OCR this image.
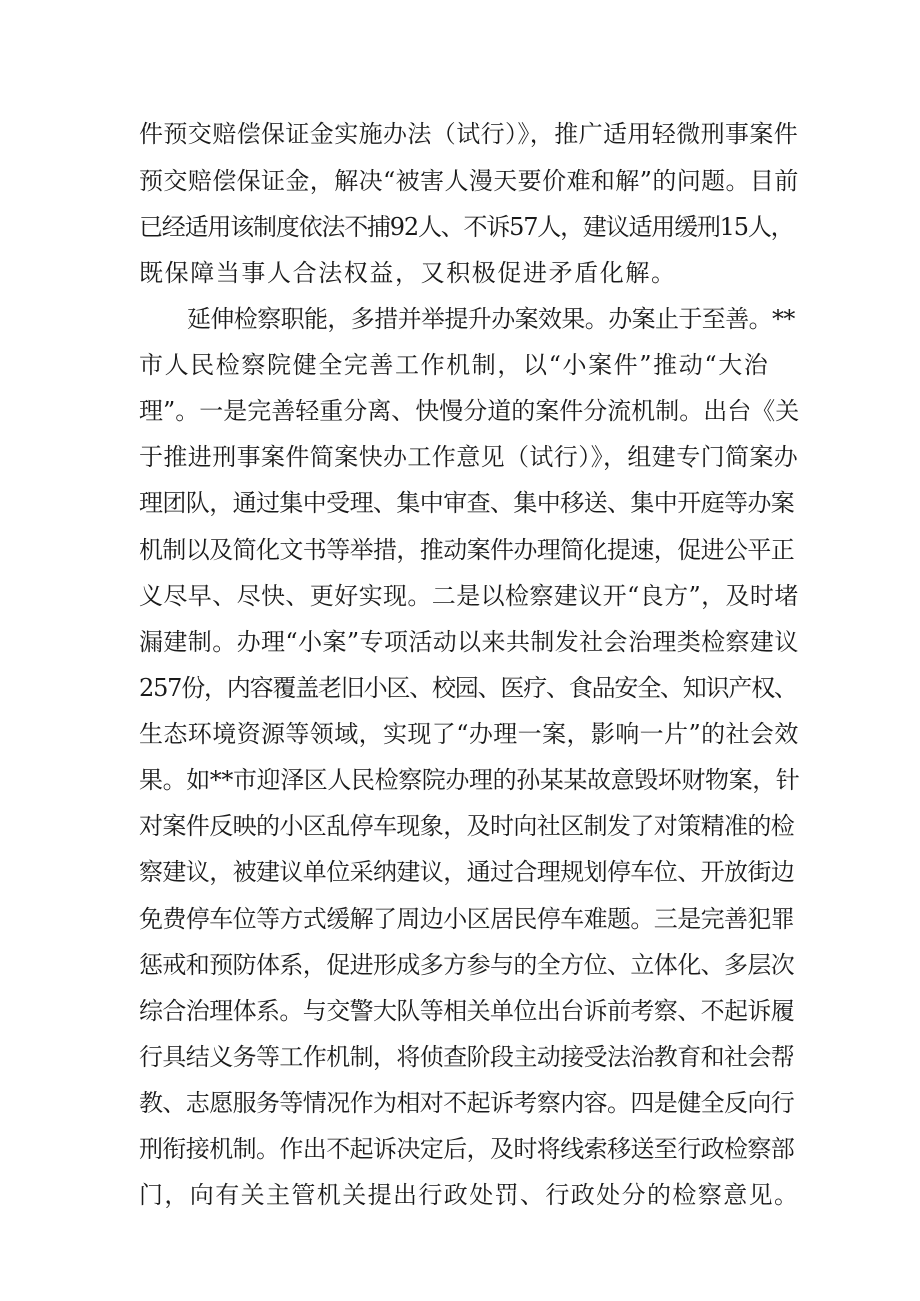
件预交赔偿保证金实施办法（试行）》，推广适用轻微刑事案件

预交赔偿保证金，解决“被害人漫天要价难和解”的问题。目前

已经适用该制度依法不捕92人、不诉57人，建议适用缓刑15人，

既保障当事人合法权益，又积极促进矛盾化解。

延伸检察职能，多措并举提升办案效果。办案止于至善。**

市人民检察院健全完善工作机制，以“小案件”推动“大治

理”。一是完善轻重分离、快慢分道的案件分流机制。出台《关

于推进刑事案件简案快办工作意见（试行）》，组建专门简案办

理团队，通过集中受理、集中审查、集中移送、集中开庭等办案

机制以及简化文书等举措，推动案件办理简化提速，促进公平正

义尽早、尽快、更好实现。二是以检察建议开“良方”，及时堵

漏建制。办理“小案”专项活动以来共制发社会治理类检察建议

257份，内容覆盖老旧小区、校园、医疗、食品安全、知识产权、

生态环境资源等领域，实现了“办理一案，影响一片”的社会效

果。如**市迎泽区人民检察院办理的孙某某故意毁坏财物案，针

对案件反映的小区乱停车现象，及时向社区制发了对策精准的检

察建议，被建议单位采纳建议，通过合理规划停车位、开放街边

免费停车位等方式缓解了周边小区居民停车难题。三是完善犯罪

惩戒和预防体系，促进形成多方参与的全方位、立体化、多层次

综合治理体系。与交警大队等相关单位出台诉前考察、不起诉履

行具结义务等工作机制，将侦查阶段主动接受法治教育和社会帮

教、志愿服务等情况作为相对不起诉考察内容。四是健全反向行

刑衔接机制。作出不起诉决定后，及时将线索移送至行政检察部

门，向有关主管机关提出行政处罚、行政处分的检察意见。
